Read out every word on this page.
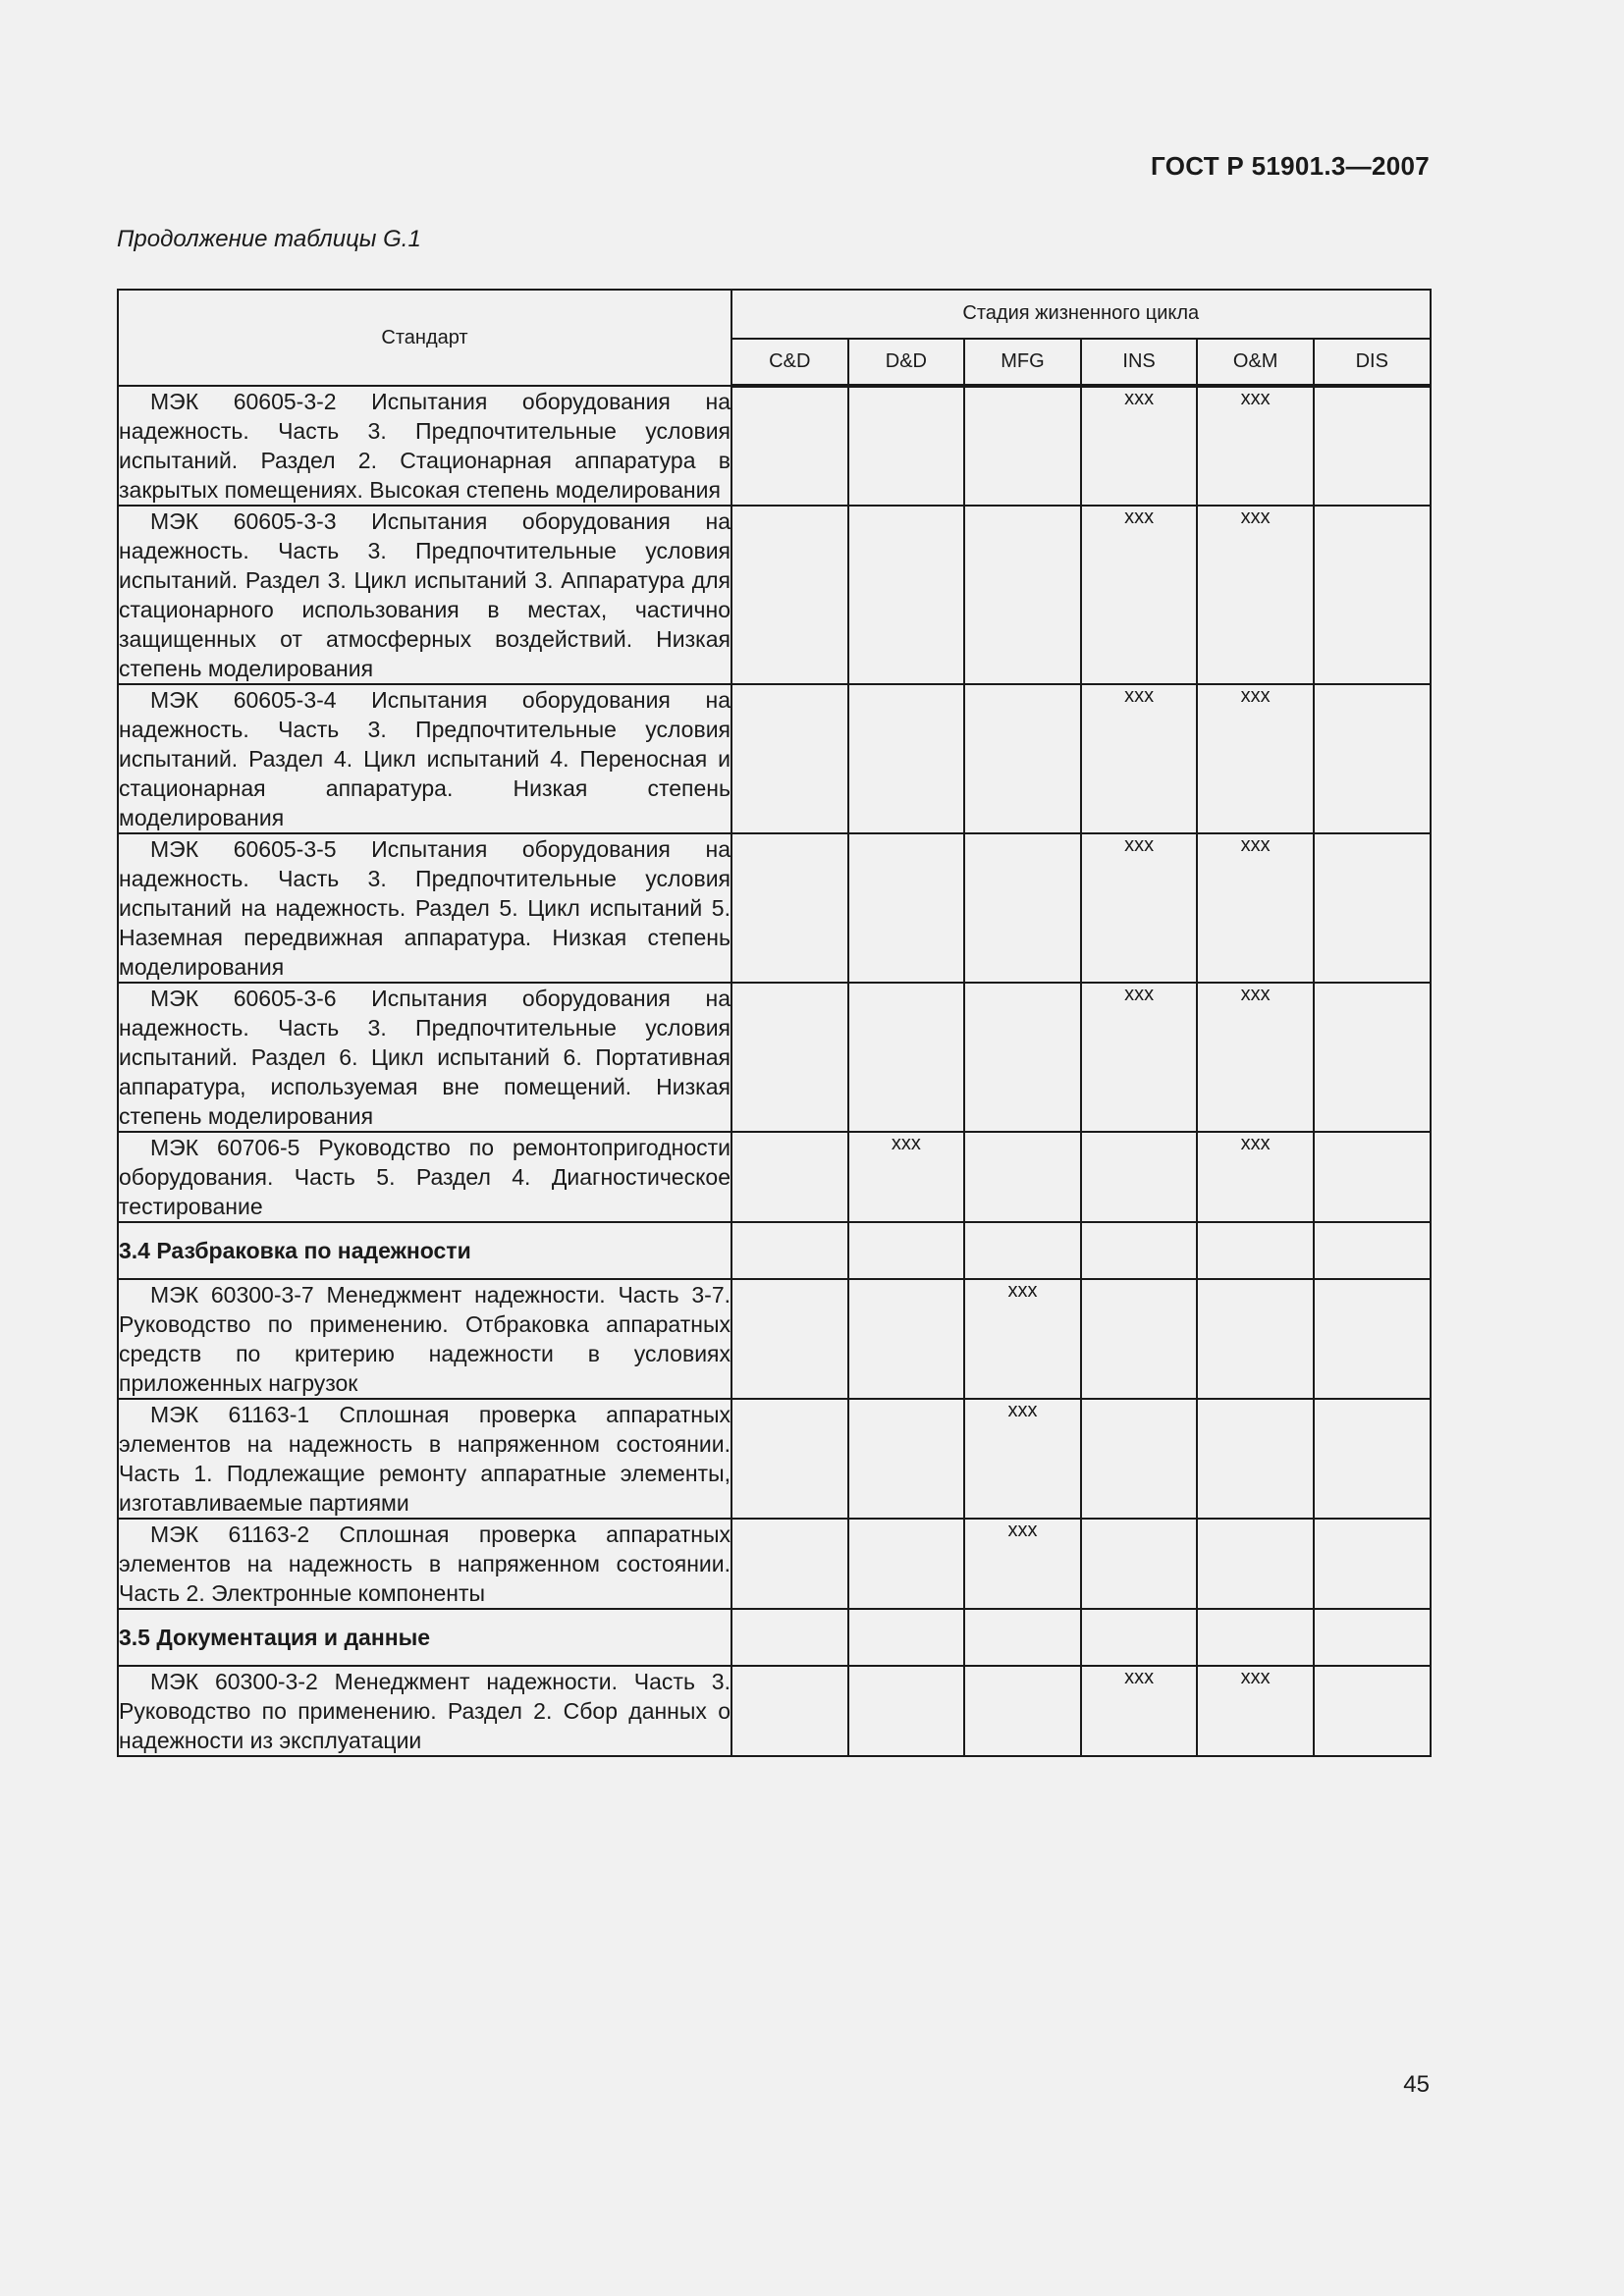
ГОСТ Р 51901.3—2007
Продолжение таблицы G.1
Стандарт	Стадия жизненного цикла					
	C&D	D&D	MFG	INS	O&M	DIS
МЭК 60605-3-2 Испытания оборудования на надежность. Часть 3. Предпочтительные условия испытаний. Раздел 2. Стационарная аппаратура в закрытых помещениях. Высокая степень моделирования				xxx	xxx	
МЭК 60605-3-3 Испытания оборудования на надежность. Часть 3. Предпочтительные условия испытаний. Раздел 3. Цикл испытаний 3. Аппаратура для стационарного использования в местах, частично защищенных от атмосферных воздействий. Низкая степень моделирования				xxx	xxx	
МЭК 60605-3-4 Испытания оборудования на надежность. Часть 3. Предпочтительные условия испытаний. Раздел 4. Цикл испытаний 4. Переносная и стационарная аппаратура. Низкая степень моделирования				xxx	xxx	
МЭК 60605-3-5 Испытания оборудования на надежность. Часть 3. Предпочтительные условия испытаний на надежность. Раздел 5. Цикл испытаний 5. Наземная передвижная аппаратура. Низкая степень моделирования				xxx	xxx	
МЭК 60605-3-6 Испытания оборудования на надежность. Часть 3. Предпочтительные условия испытаний. Раздел 6. Цикл испытаний 6. Портативная аппаратура, используемая вне помещений. Низкая степень моделирования				xxx	xxx	
МЭК 60706-5 Руководство по ремонтопригодности оборудования. Часть 5. Раздел 4. Диагностическое тестирование		xxx			xxx	
3.4 Разбраковка по надежности						
МЭК 60300-3-7 Менеджмент надежности. Часть 3-7. Руководство по применению. Отбраковка аппаратных средств по критерию надежности в условиях приложенных нагрузок			xxx			
МЭК 61163-1 Сплошная проверка аппаратных элементов на надежность в напряженном состоянии. Часть 1. Подлежащие ремонту аппаратные элементы, изготавливаемые партиями			xxx			
МЭК 61163-2 Сплошная проверка аппаратных элементов на надежность в напряженном состоянии. Часть 2. Электронные компоненты			xxx			
3.5 Документация и данные						
МЭК 60300-3-2 Менеджмент надежности. Часть 3. Руководство по применению. Раздел 2. Сбор данных о надежности из эксплуатации				xxx	xxx	
45
